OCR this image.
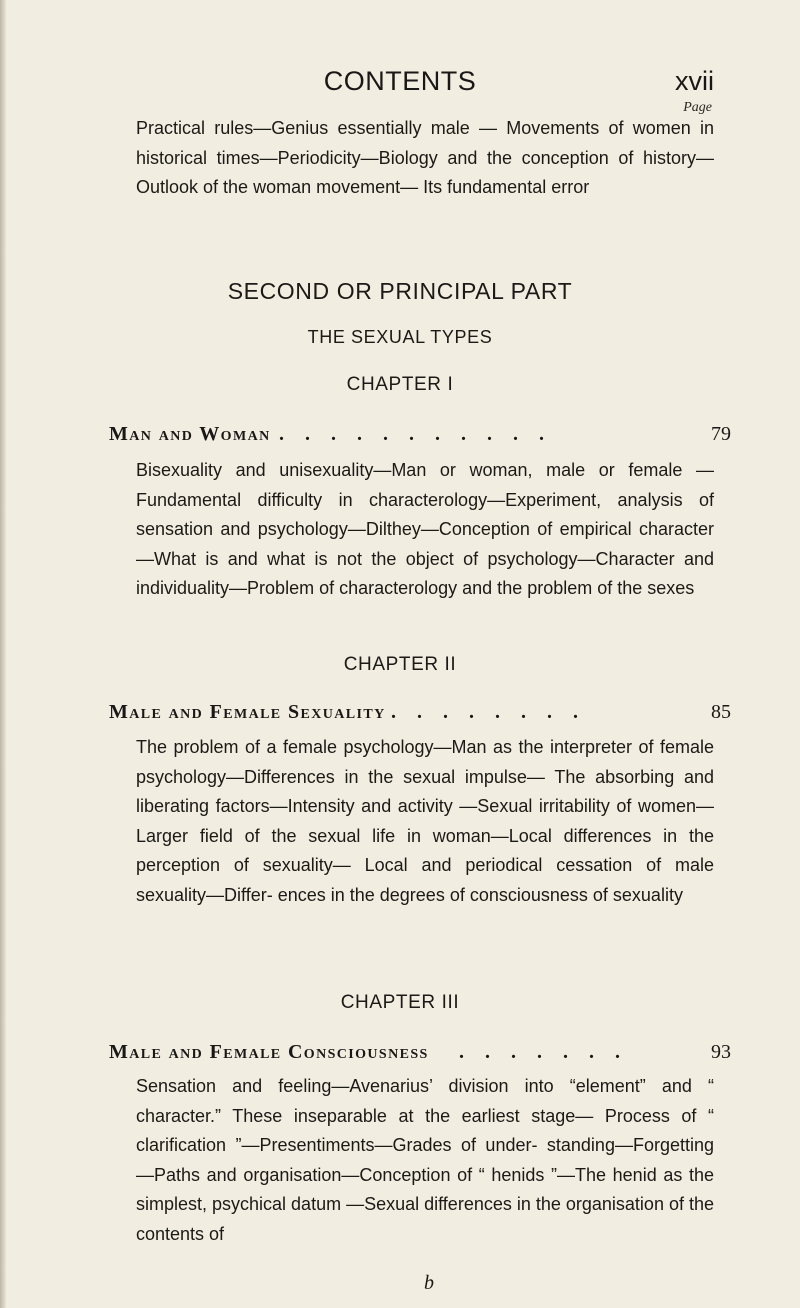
CONTENTS	xvii
Page
Practical rules—Genius essentially male — Movements of women in historical times—Periodicity—Biology and the conception of history—Outlook of the woman movement— Its fundamental error
SECOND OR PRINCIPAL PART
THE SEXUAL TYPES
CHAPTER I
Man and Woman . . . . . . . . . . .	79
Bisexuality and unisexuality—Man or woman, male or female —Fundamental difficulty in characterology—Experiment, analysis of sensation and psychology—Dilthey—Conception of empirical character—What is and what is not the object of psychology—Character and individuality—Problem of characterology and the problem of the sexes
CHAPTER II
Male and Female Sexuality . . . . . . . .	85
The problem of a female psychology—Man as the interpreter of female psychology—Differences in the sexual impulse— The absorbing and liberating factors—Intensity and activity —Sexual irritability of women—Larger field of the sexual life in woman—Local differences in the perception of sexuality— Local and periodical cessation of male sexuality—Differ- ences in the degrees of consciousness of sexuality
CHAPTER III
Male and Female Consciousness . . . . . . .	93
Sensation and feeling—Avenarius’ division into “element” and “ character.” These inseparable at the earliest stage— Process of “ clarification ”—Presentiments—Grades of under- standing—Forgetting—Paths and organisation—Conception of “ henids ”—The henid as the simplest, psychical datum —Sexual differences in the organisation of the contents of
b
